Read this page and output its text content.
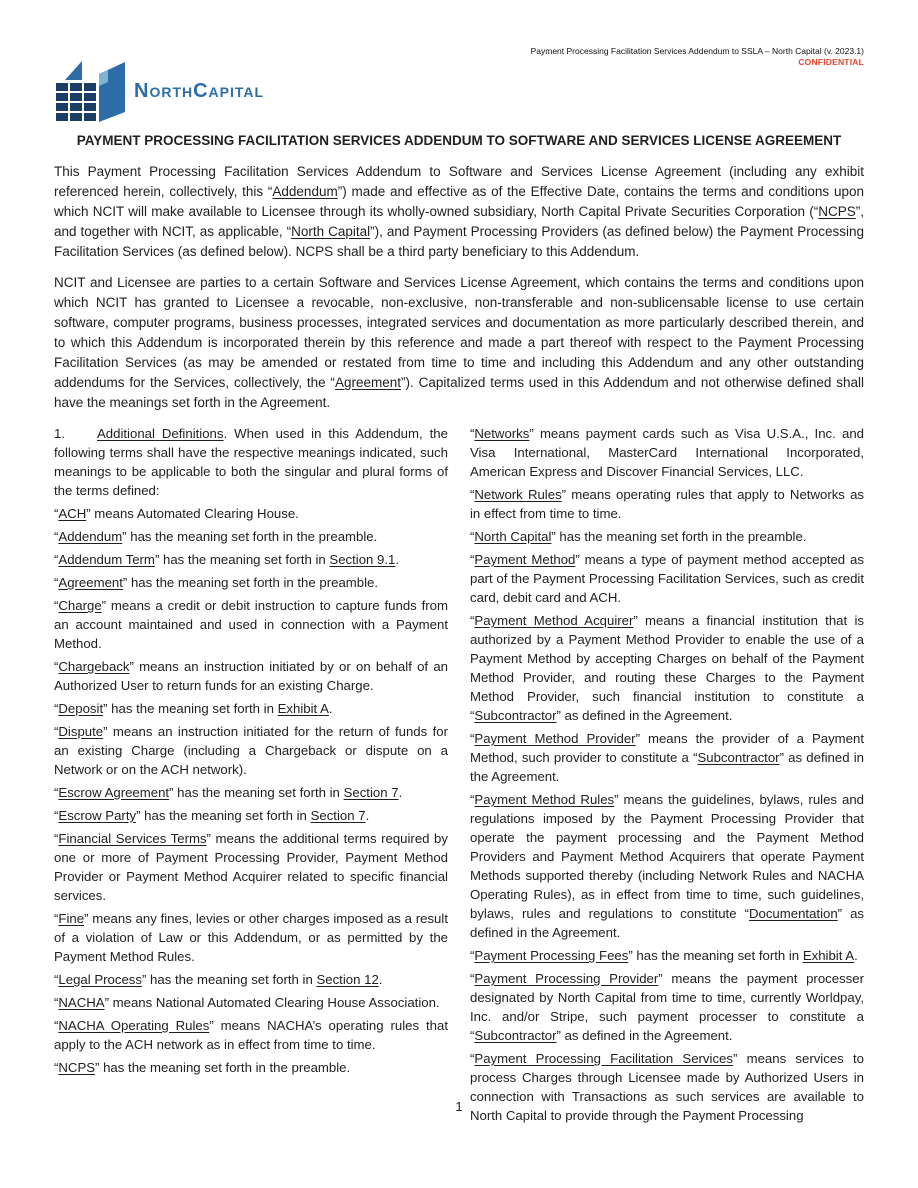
Payment Processing Facilitation Services Addendum to SSLA – North Capital (v. 2023.1)
CONFIDENTIAL
NorthCapital
PAYMENT PROCESSING FACILITATION SERVICES ADDENDUM TO SOFTWARE AND SERVICES LICENSE AGREEMENT

This Payment Processing Facilitation Services Addendum to Software and Services License Agreement (including any exhibit referenced herein, collectively, this “Addendum”) made and effective as of the Effective Date, contains the terms and conditions upon which NCIT will make available to Licensee through its wholly-owned subsidiary, North Capital Private Securities Corporation (“NCPS”, and together with NCIT, as applicable, “North Capital”), and Payment Processing Providers (as defined below) the Payment Processing Facilitation Services (as defined below). NCPS shall be a third party beneficiary to this Addendum.

NCIT and Licensee are parties to a certain Software and Services License Agreement, which contains the terms and conditions upon which NCIT has granted to Licensee a revocable, non-exclusive, non-transferable and non-sublicensable license to use certain software, computer programs, business processes, integrated services and documentation as more particularly described therein, and to which this Addendum is incorporated therein by this reference and made a part thereof with respect to the Payment Processing Facilitation Services (as may be amended or restated from time to time and including this Addendum and any other outstanding addendums for the Services, collectively, the “Agreement”). Capitalized terms used in this Addendum and not otherwise defined shall have the meanings set forth in the Agreement.

1. Additional Definitions. When used in this Addendum, the following terms shall have the respective meanings indicated, such meanings to be applicable to both the singular and plural forms of the terms defined:

“ACH” means Automated Clearing House.

“Addendum” has the meaning set forth in the preamble.

“Addendum Term” has the meaning set forth in Section 9.1.

“Agreement” has the meaning set forth in the preamble.

“Charge” means a credit or debit instruction to capture funds from an account maintained and used in connection with a Payment Method.

“Chargeback” means an instruction initiated by or on behalf of an Authorized User to return funds for an existing Charge.

“Deposit” has the meaning set forth in Exhibit A.

“Dispute” means an instruction initiated for the return of funds for an existing Charge (including a Chargeback or dispute on a Network or on the ACH network).

“Escrow Agreement” has the meaning set forth in Section 7.

“Escrow Party” has the meaning set forth in Section 7.

“Financial Services Terms” means the additional terms required by one or more of Payment Processing Provider, Payment Method Provider or Payment Method Acquirer related to specific financial services.

“Fine” means any fines, levies or other charges imposed as a result of a violation of Law or this Addendum, or as permitted by the Payment Method Rules.

“Legal Process” has the meaning set forth in Section 12.

“NACHA” means National Automated Clearing House Association.

“NACHA Operating Rules” means NACHA’s operating rules that apply to the ACH network as in effect from time to time.

“NCPS” has the meaning set forth in the preamble.

“Networks” means payment cards such as Visa U.S.A., Inc. and Visa International, MasterCard International Incorporated, American Express and Discover Financial Services, LLC.

“Network Rules” means operating rules that apply to Networks as in effect from time to time.

“North Capital” has the meaning set forth in the preamble.

“Payment Method” means a type of payment method accepted as part of the Payment Processing Facilitation Services, such as credit card, debit card and ACH.

“Payment Method Acquirer” means a financial institution that is authorized by a Payment Method Provider to enable the use of a Payment Method by accepting Charges on behalf of the Payment Method Provider, and routing these Charges to the Payment Method Provider, such financial institution to constitute a “Subcontractor” as defined in the Agreement.

“Payment Method Provider” means the provider of a Payment Method, such provider to constitute a “Subcontractor” as defined in the Agreement.

“Payment Method Rules” means the guidelines, bylaws, rules and regulations imposed by the Payment Processing Provider that operate the payment processing and the Payment Method Providers and Payment Method Acquirers that operate Payment Methods supported thereby (including Network Rules and NACHA Operating Rules), as in effect from time to time, such guidelines, bylaws, rules and regulations to constitute “Documentation” as defined in the Agreement.

“Payment Processing Fees” has the meaning set forth in Exhibit A.

“Payment Processing Provider” means the payment processer designated by North Capital from time to time, currently Worldpay, Inc. and/or Stripe, such payment processer to constitute a “Subcontractor” as defined in the Agreement.

“Payment Processing Facilitation Services” means services to process Charges through Licensee made by Authorized Users in connection with Transactions as such services are available to North Capital to provide through the Payment Processing

1
